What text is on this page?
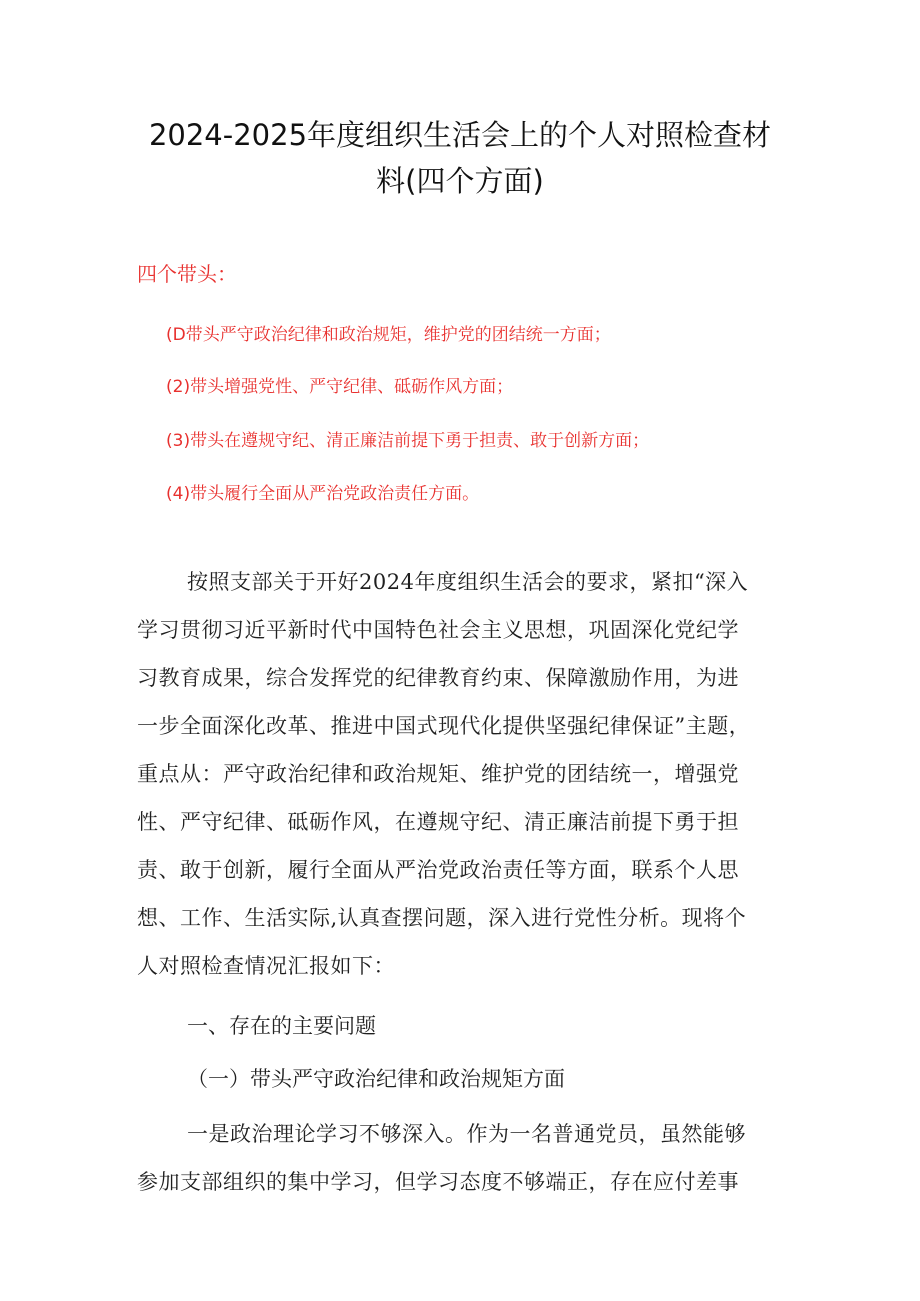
2024-2025年度组织生活会上的个人对照检查材
料(四个方面)

四个带头：

(D带头严守政治纪律和政治规矩，维护党的团结统一方面；

(2)带头增强党性、严守纪律、砥砺作风方面；

(3)带头在遵规守纪、清正廉洁前提下勇于担责、敢于创新方面；

(4)带头履行全面从严治党政治责任方面。

按照支部关于开好2024年度组织生活会的要求，紧扣“深入
学习贯彻习近平新时代中国特色社会主义思想，巩固深化党纪学
习教育成果，综合发挥党的纪律教育约束、保障激励作用，为进
一步全面深化改革、推进中国式现代化提供坚强纪律保证”主题，
重点从：严守政治纪律和政治规矩、维护党的团结统一，增强党
性、严守纪律、砥砺作风，在遵规守纪、清正廉洁前提下勇于担
责、敢于创新，履行全面从严治党政治责任等方面，联系个人思
想、工作、生活实际,认真查摆问题，深入进行党性分析。现将个
人对照检查情况汇报如下：

一、存在的主要问题

（一）带头严守政治纪律和政治规矩方面

一是政治理论学习不够深入。作为一名普通党员，虽然能够
参加支部组织的集中学习，但学习态度不够端正，存在应付差事
